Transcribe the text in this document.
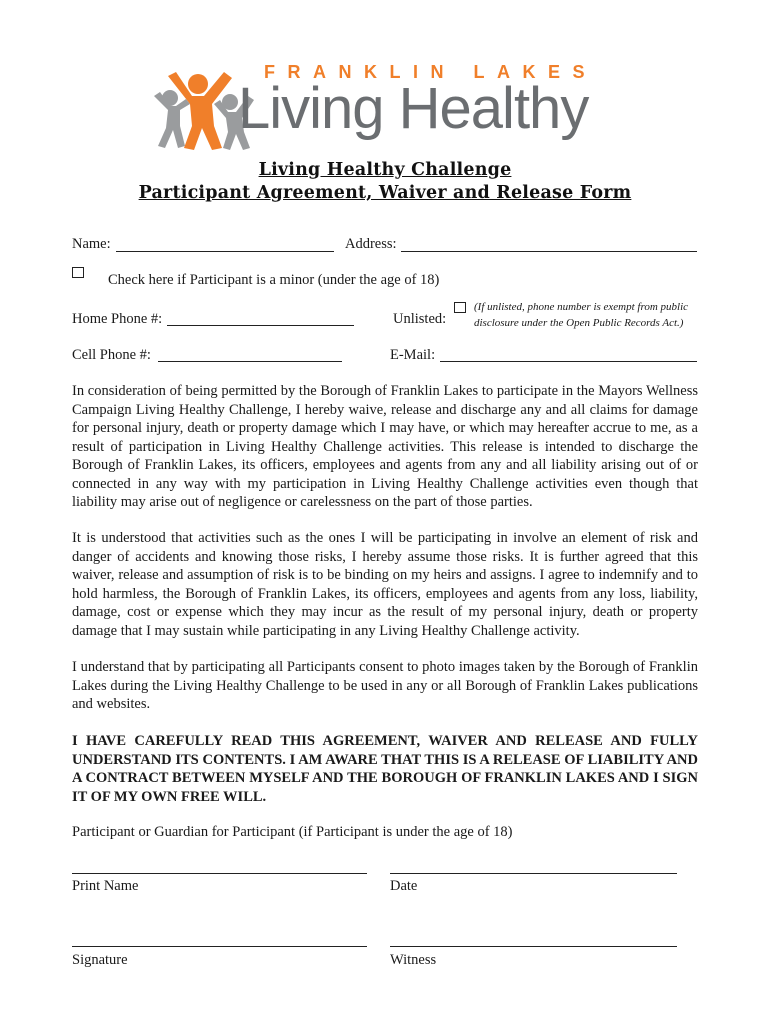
FRANKLIN LAKES
Living Healthy
Living Healthy Challenge
Participant Agreement, Waiver and Release Form
Name:	Address:
Check here if Participant is a minor (under the age of 18)
Home Phone #:	Unlisted:
(If unlisted, phone number is exempt from public
disclosure under the Open Public Records Act.)
Cell Phone #:	E-Mail:
In consideration of being permitted by the Borough of Franklin Lakes to participate in the Mayors Wellness Campaign Living Healthy Challenge, I hereby waive, release and discharge any and all claims for damage for personal injury, death or property damage which I may have, or which may hereafter accrue to me, as a result of participation in Living Healthy Challenge activities. This release is intended to discharge the Borough of Franklin Lakes, its officers, employees and agents from any and all liability arising out of or connected in any way with my participation in Living Healthy Challenge activities even though that liability may arise out of negligence or carelessness on the part of those parties.
It is understood that activities such as the ones I will be participating in involve an element of risk and danger of accidents and knowing those risks, I hereby assume those risks. It is further agreed that this waiver, release and assumption of risk is to be binding on my heirs and assigns. I agree to indemnify and to hold harmless, the Borough of Franklin Lakes, its officers, employees and agents from any loss, liability, damage, cost or expense which they may incur as the result of my personal injury, death or property damage that I may sustain while participating in any Living Healthy Challenge activity.
I understand that by participating all Participants consent to photo images taken by the Borough of Franklin Lakes during the Living Healthy Challenge to be used in any or all Borough of Franklin Lakes publications and websites.
I HAVE CAREFULLY READ THIS AGREEMENT, WAIVER AND RELEASE AND FULLY UNDERSTAND ITS CONTENTS. I AM AWARE THAT THIS IS A RELEASE OF LIABILITY AND A CONTRACT BETWEEN MYSELF AND THE BOROUGH OF FRANKLIN LAKES AND I SIGN IT OF MY OWN FREE WILL.
Participant or Guardian for Participant (if Participant is under the age of 18)
Print Name	Date
Signature	Witness
